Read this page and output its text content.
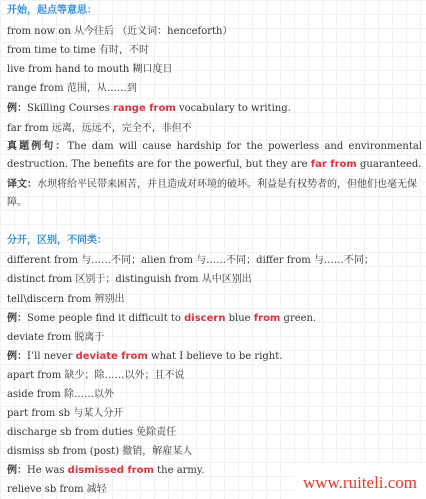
开始，起点等意思：
from now on 从今往后 （近义词：henceforth）
from time to time 有时，不时
live from hand to mouth 糊口度日
range from 范围，从……到
例：Skilling Courses range from vocabulary to writing.
far from 远离，远远不，完全不，非但不
真题例句：The dam will cause hardship for the powerless and environmental destruction. The benefits are for the powerful, but they are far from guaranteed.
译文：水坝将给平民带来困苦，并且造成对环境的破坏。利益是有权势者的，但他们也毫无保障。
分开，区别，不同类：
different from 与……不同；alien from 与……不同；differ from 与……不同；
distinct from 区别于；distinguish from 从中区别出
tell\discern from 辨别出
例：Some people find it difficult to discern blue from green.
deviate from 脱离于
例：I’ll never deviate from what I believe to be right.
apart from 缺少；除……以外；且不说
aside from 除……以外
part from sb 与某人分开
discharge sb from duties 免除责任
dismiss sb from (post) 撤销，解雇某人
例：He was dismissed from the army.
relieve sb from 减轻	www.ruiteli.com
